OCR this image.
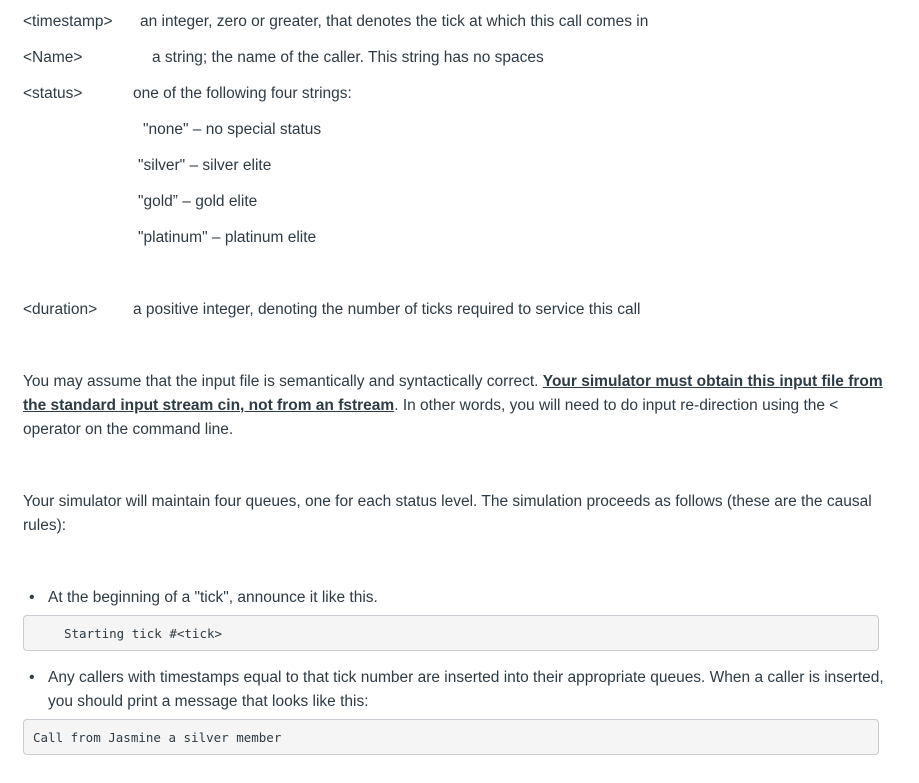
<timestamp> an integer, zero or greater, that denotes the tick at which this call comes in
<Name>	a string; the name of the caller. This string has no spaces
<status>	one of the following four strings:
"none" – no special status
"silver" – silver elite
"gold” – gold elite
"platinum" – platinum elite
<duration> a positive integer, denoting the number of ticks required to service this call

You may assume that the input file is semantically and syntactically correct. Your simulator must obtain this input file from the standard input stream cin, not from an fstream. In other words, you will need to do input re-direction using the < operator on the command line.

Your simulator will maintain four queues, one for each status level. The simulation proceeds as follows (these are the causal rules):

• At the beginning of a "tick", announce it like this.
Starting tick #<tick>
• Any callers with timestamps equal to that tick number are inserted into their appropriate queues. When a caller is inserted, you should print a message that looks like this:
Call from Jasmine a silver member
